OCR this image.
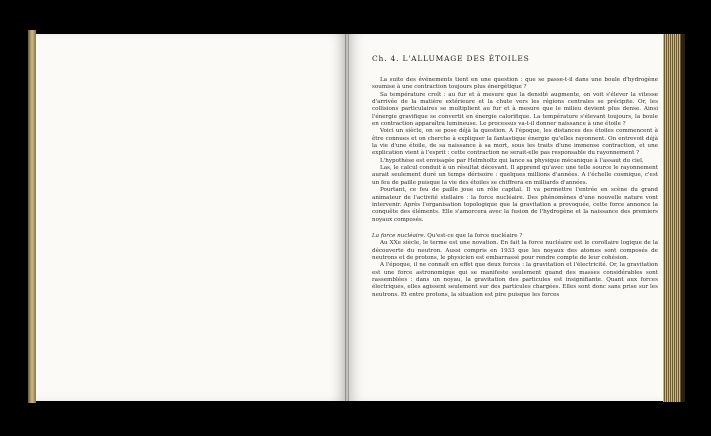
Ch. 4. L'ALLUMAGE DES ÉTOILES

La suite des événements tient en une question : que se passe-t-il dans une boule d'hydrogène soumise à une contraction toujours plus énergétique ?

Sa température croît : au fur et à mesure que la densité augmente, on voit s'élever la vitesse d'arrivée de la matière extérieure et la chute vers les régions centrales se précipite. Or, les collisions particulaires se multiplient au fur et à mesure que le milieu devient plus dense. Ainsi l'énergie gravifique se convertit en énergie calorifique. La température s'élevant toujours, la boule en contraction apparaîtra lumineuse. Le processus va-t-il donner naissance à une étoile ?

Voici un siècle, on se pose déjà la question. A l'époque, les distances des étoiles commencent à être connues et on cherche à expliquer la fantastique énergie qu'elles rayonnent. On entrevoit déjà la vie d'une étoile, de sa naissance à sa mort, sous les traits d'une immense contraction, et une explication vient à l'esprit : cette contraction ne serait-elle pas responsable du rayonnement ?

L'hypothèse est envisagée par Helmholtz qui lance sa physique mécanique à l'assaut du ciel.

Las, le calcul conduit à un résultat décevant. Il apprend qu'avec une telle source le rayonnement aurait seulement duré un temps dérisoire : quelques millions d'années. A l'échelle cosmique, c'est un feu de paille puisque la vie des étoiles se chiffrera en milliards d'années.

Pourtant, ce feu de paille joue un rôle capital. Il va permettre l'entrée en scène du grand animateur de l'activité stellaire : la force nucléaire. Des phénomènes d'une nouvelle nature vont intervenir. Après l'organisation topologique que la gravitation a provoquée, cette force annonce la conquête des éléments. Elle s'amorcera avec la fusion de l'hydrogène et la naissance des premiers noyaux composés.

La force nucléaire. Qu'est-ce que la force nucléaire ?

Au XXe siècle, le terme est une novation. En fait la force nucléaire est le corollaire logique de la découverte du neutron. Aussi compris en 1933 que les noyaux des atomes sont composés de neutrons et de protons, le physicien est embarrassé pour rendre compte de leur cohésion.

A l'époque, il ne connaît en effet que deux forces : la gravitation et l'électricité. Or, la gravitation est une force astronomique qui se manifeste seulement quand des masses considérables sont rassemblées : dans un noyau, la gravitation des particules est insignifiante. Quant aux forces électriques, elles agissent seulement sur des particules chargées. Elles sont donc sans prise sur les neutrons. Et entre protons, la situation est pire puisque les forces
